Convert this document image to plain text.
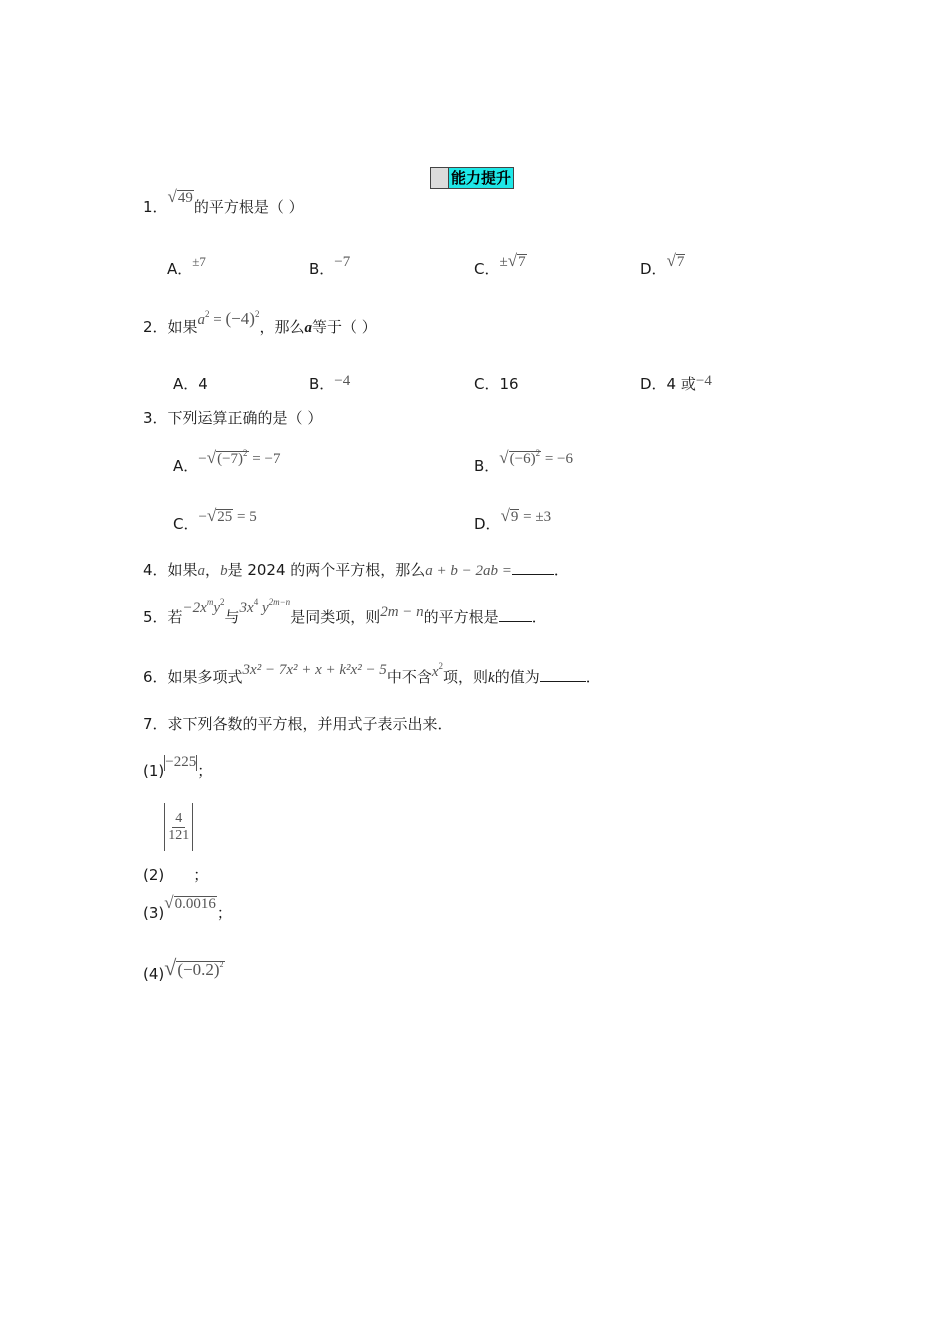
能力提升
1．√49的平方根是（ ）
A．±7	B．−7	C．±√7	D．√7
2．如果$a^2 = (-4)^2$，那么a等于（ ）
A．4	B．−4	C．16	D．4 或−4
3．下列运算正确的是（ ）
A．$-√(-7)^2 = -7$	B．$√(-6)^2 = -6$
C．−√25 = 5	D．√9 = ±3
4．如果a，b是 2024 的两个平方根，那么a + b − 2ab =	．
5．若$-2x^my^2$与$3x^4$ $y^{2m-n}$是同类项，则2m − n的平方根是 ．
6．如果多项式3x² − 7x² + x + k²x² − 5中不含$x^2$项，则k的值为	．
7．求下列各数的平方根，并用式子表示出来．
(1)−225；
(2)
$\frac{4}{121}$
；
(3)√0.0016；
$(4)√(-0.2)^2$
